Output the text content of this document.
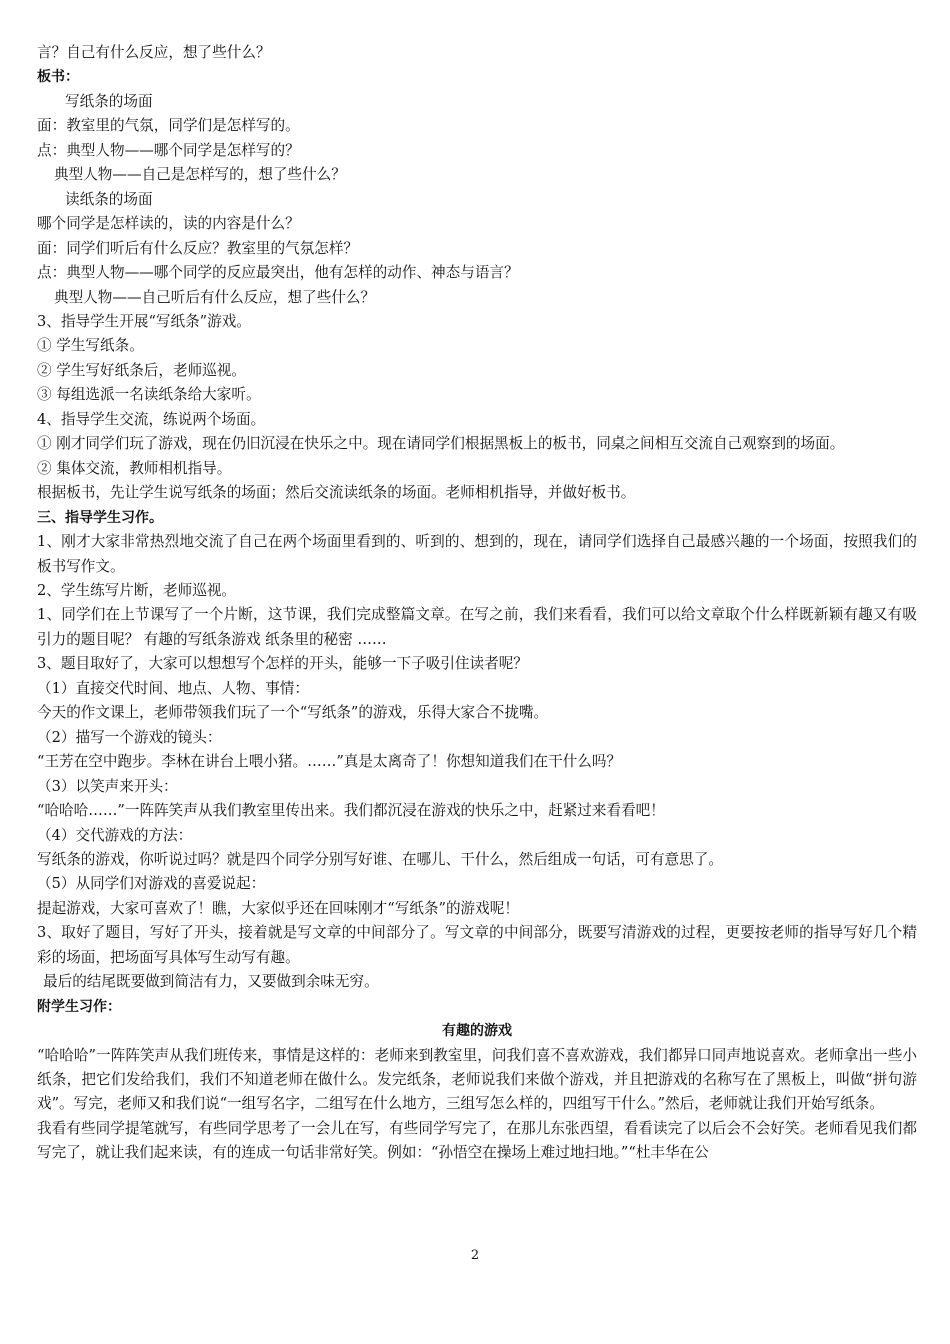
言？自己有什么反应，想了些什么？

板书：

写纸条的场面

面：教室里的气氛，同学们是怎样写的。

点：典型人物——哪个同学是怎样写的？

典型人物——自己是怎样写的，想了些什么？

读纸条的场面

哪个同学是怎样读的，读的内容是什么？

面：同学们听后有什么反应？教室里的气氛怎样？

点：典型人物——哪个同学的反应最突出，他有怎样的动作、神态与语言？

典型人物——自己听后有什么反应，想了些什么？

3、指导学生开展“写纸条”游戏。

① 学生写纸条。

② 学生写好纸条后，老师巡视。

③ 每组选派一名读纸条给大家听。

4、指导学生交流，练说两个场面。

① 刚才同学们玩了游戏，现在仍旧沉浸在快乐之中。现在请同学们根据黑板上的板书，同桌之间相互交流自己观察到的场面。

② 集体交流，教师相机指导。

根据板书，先让学生说写纸条的场面；然后交流读纸条的场面。老师相机指导，并做好板书。

三、指导学生习作。

1、刚才大家非常热烈地交流了自己在两个场面里看到的、听到的、想到的，现在，请同学们选择自己最感兴趣的一个场面，按照我们的板书写作文。

2、学生练写片断，老师巡视。

1、同学们在上节课写了一个片断，这节课，我们完成整篇文章。在写之前，我们来看看，我们可以给文章取个什么样既新颖有趣又有吸引力的题目呢？ 有趣的写纸条游戏 纸条里的秘密 ……

3、题目取好了，大家可以想想写个怎样的开头，能够一下子吸引住读者呢？

（1）直接交代时间、地点、人物、事情：

今天的作文课上，老师带领我们玩了一个“写纸条”的游戏，乐得大家合不拢嘴。

（2）描写一个游戏的镜头：

“王芳在空中跑步。李林在讲台上喂小猪。……”真是太离奇了！你想知道我们在干什么吗？

（3）以笑声来开头：

“哈哈哈……”一阵阵笑声从我们教室里传出来。我们都沉浸在游戏的快乐之中，赶紧过来看看吧！

（4）交代游戏的方法：

写纸条的游戏，你听说过吗？就是四个同学分别写好谁、在哪儿、干什么，然后组成一句话，可有意思了。

（5）从同学们对游戏的喜爱说起：

提起游戏，大家可喜欢了！瞧，大家似乎还在回味刚才“写纸条”的游戏呢！

3、取好了题目，写好了开头，接着就是写文章的中间部分了。写文章的中间部分，既要写清游戏的过程，更要按老师的指导写好几个精彩的场面，把场面写具体写生动写有趣。

最后的结尾既要做到简洁有力，又要做到余味无穷。

附学生习作：

有趣的游戏

“哈哈哈”一阵阵笑声从我们班传来，事情是这样的：老师来到教室里，问我们喜不喜欢游戏，我们都异口同声地说喜欢。老师拿出一些小纸条，把它们发给我们，我们不知道老师在做什么。发完纸条，老师说我们来做个游戏，并且把游戏的名称写在了黑板上，叫做“拼句游戏”。写完，老师又和我们说“一组写名字，二组写在什么地方，三组写怎么样的，四组写干什么。”然后，老师就让我们开始写纸条。

我看有些同学提笔就写，有些同学思考了一会儿在写，有些同学写完了，在那儿东张西望，看看读完了以后会不会好笑。老师看见我们都写完了，就让我们起来读，有的连成一句话非常好笑。例如：“孙悟空在操场上难过地扫地。”“杜丰华在公

2
